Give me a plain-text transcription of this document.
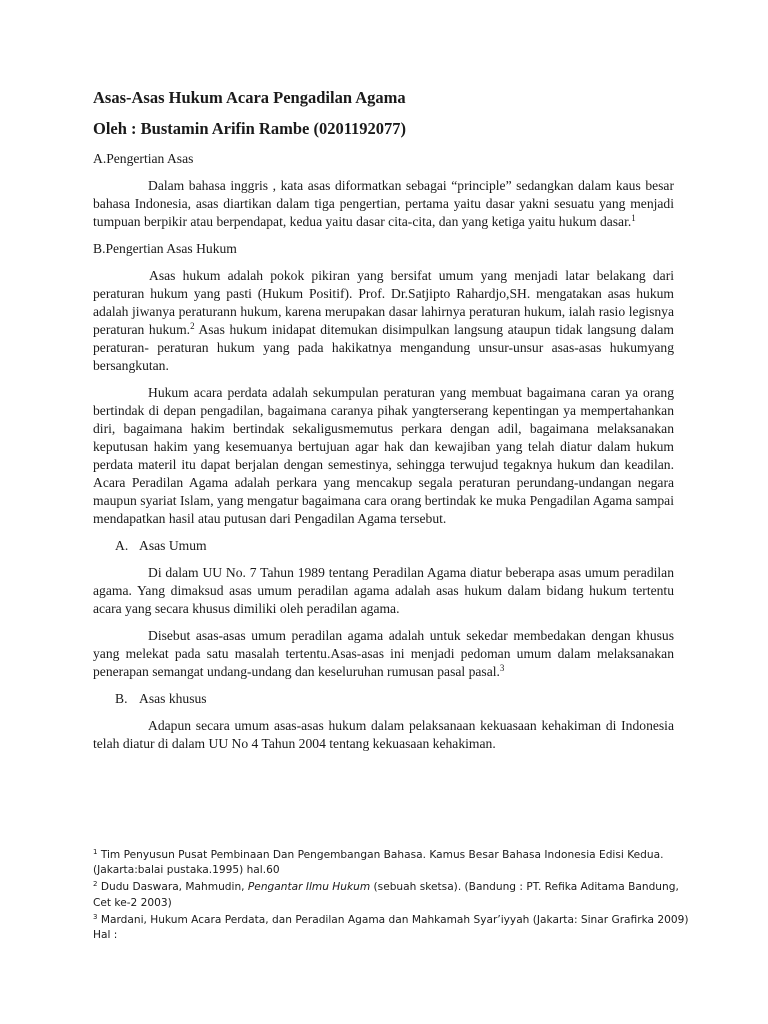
Asas-Asas Hukum Acara Pengadilan Agama

Oleh : Bustamin Arifin Rambe (0201192077)

A.Pengertian Asas

Dalam bahasa inggris , kata asas diformatkan sebagai “principle” sedangkan dalam kaus besar bahasa Indonesia, asas diartikan dalam tiga pengertian, pertama yaitu dasar yakni sesuatu yang menjadi tumpuan berpikir atau berpendapat, kedua yaitu dasar cita-cita, dan yang ketiga yaitu hukum dasar.$^1$

B.Pengertian Asas Hukum

Asas hukum adalah pokok pikiran yang bersifat umum yang menjadi latar belakang dari peraturan hukum yang pasti (Hukum Positif). Prof. Dr.Satjipto Rahardjo,SH. mengatakan asas hukum adalah jiwanya peraturann hukum, karena merupakan dasar lahirnya peraturan hukum, ialah rasio legisnya peraturan hukum.$^2$ Asas hukum inidapat ditemukan disimpulkan langsung ataupun tidak langsung dalam peraturan- peraturan hukum yang pada hakikatnya mengandung unsur-unsur asas-asas hukumyang bersangkutan.

Hukum acara perdata adalah sekumpulan peraturan yang membuat bagaimana caran ya orang bertindak di depan pengadilan, bagaimana caranya pihak yangterserang kepentingan ya mempertahankan diri, bagaimana hakim bertindak sekaligusmemutus perkara dengan adil, bagaimana melaksanakan keputusan hakim yang kesemuanya bertujuan agar hak dan kewajiban yang telah diatur dalam hukum perdata materil itu dapat berjalan dengan semestinya, sehingga terwujud tegaknya hukum dan keadilan. Acara Peradilan Agama adalah perkara yang mencakup segala peraturan perundang-undangan negara maupun syariat Islam, yang mengatur bagaimana cara orang bertindak ke muka Pengadilan Agama sampai mendapatkan hasil atau putusan dari Pengadilan Agama tersebut.

A. Asas Umum

Di dalam UU No. 7 Tahun 1989 tentang Peradilan Agama diatur beberapa asas umum peradilan agama. Yang dimaksud asas umum peradilan agama adalah asas hukum dalam bidang hukum tertentu acara yang secara khusus dimiliki oleh peradilan agama.

Disebut asas-asas umum peradilan agama adalah untuk sekedar membedakan dengan khusus yang melekat pada satu masalah tertentu.Asas-asas ini menjadi pedoman umum dalam melaksanakan penerapan semangat undang-undang dan keseluruhan rumusan pasal pasal.$^3$

B. Asas khusus

Adapun secara umum asas-asas hukum dalam pelaksanaan kekuasaan kehakiman di Indonesia telah diatur di dalam UU No 4 Tahun 2004 tentang kekuasaan kehakiman.

$^1$ Tim Penyusun Pusat Pembinaan Dan Pengembangan Bahasa. Kamus Besar Bahasa Indonesia Edisi Kedua. (Jakarta:balai pustaka.1995) hal.60

$^2$ Dudu Daswara, Mahmudin, Pengantar Ilmu Hukum (sebuah sketsa). (Bandung : PT. Refika Aditama Bandung, Cet ke-2 2003)

$^3$ Mardani, Hukum Acara Perdata, dan Peradilan Agama dan Mahkamah Syar’iyyah (Jakarta: Sinar Grafirka 2009) Hal :
